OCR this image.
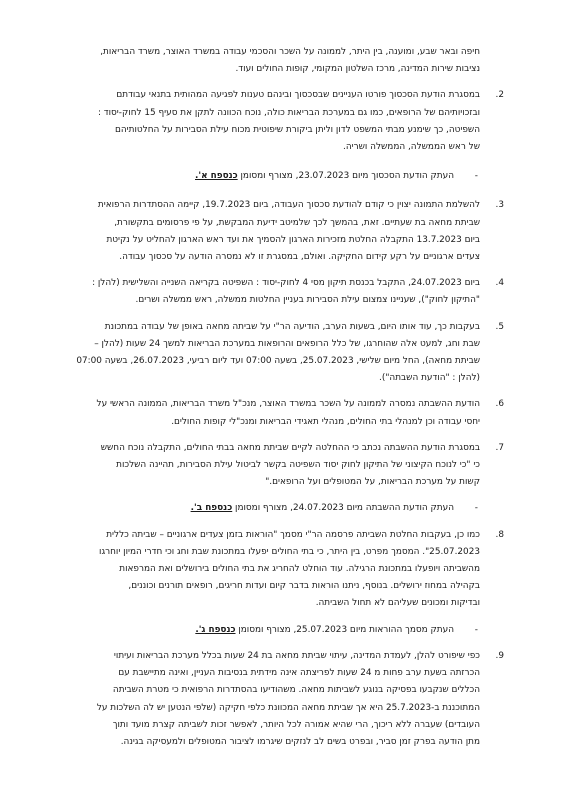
חיפה ובאר שבע, ומוענה, בין היתר, לממונה על השכר והסכמי עבודה במשרד האוצר, משרד הבריאות,
נציבות שירות המדינה, מרכז השלטון המקומי, קופות החולים ועוד.
2.
במסגרת הודעת הסכסוך פורטו העניינים שבסכסוך ובינהם טענות לפגיעה המהותית בתנאי עבודתם
ובזכויותיהם של הרופאים, כמו גם במערכת הבריאות כולה, נוכח הכוונה לתקן את סעיף 15 לחוק-יסוד :
השפיטה, כך שימנע מבתי המשפט לדון וליתן ביקורת שיפוטית מכוח עילת הסבירות על החלטותיהם
של ראש הממשלה, הממשלה ושריה.
-
העתק הודעת הסכסוך מיום 23.07.2023, מצורף ומסומן כנספח א'.
3.
להשלמת התמונה יצוין כי קודם להודעת סכסוך העבודה, ביום 19.7.2023, קיימה ההסתדרות הרפואית
שביתת מחאה בת שעתיים. זאת, בהמשך לכך שלמיטב ידיעת המבקשת, על פי פרסומים בתקשורת,
ביום 13.7.2023 התקבלה החלטת מזכירות הארגון להסמיך את ועד ראש הארגון להחליט על נקיטת
צעדים ארגוניים על רקע קידום החקיקה. ואולם, במסגרת זו לא נמסרה הודעה על סכסוך עבודה.
4.
ביום 24.07.2023, התקבל בכנסת תיקון מסי 4 לחוק-יסוד : השפיטה בקריאה השנייה והשלישית (להלן :
"התיקון לחוק"), שעניינו צמצום עילת הסבירות בעניין החלטות ממשלה, ראש ממשלה ושרים.
5.
בעקבות כך, עוד אותו היום, בשעות הערב, הודיעה הר"י על שביתה מחאה באופן של עבודה במתכונת
שבת וחג, למעט אלה שהוחרגו, של כלל הרופאים והרופאות במערכת הבריאות למשך 24 שעות (להלן –
שביתת מחאה), החל מיום שלישי, 25.07.2023, בשעה 07:00 ועד ליום רביעי, 26.07.2023, בשעה 07:00
(להלן : "הודעת השבתה").
6.
הודעת ההשבתה נמסרה לממונה על השכר במשרד האוצר, מנכ"ל משרד הבריאות, הממונה הראשי על
יחסי עבודה וכן למנהלי בתי החולים, מנהלי תאגידי הבריאות ומנכ"לי קופות החולים.
7.
במסגרת הודעת ההשבתה נכתב כי ההחלטה לקיים שביתת מחאה בבתי החולים, התקבלה נוכח החשש
כי "כי לנוכח הקיצוני של התיקון לחוק יסוד השפיטה בקשר לביטול עילת הסבירות, תהיינה השלכות
קשות על מערכת הבריאות, על המטופלים ועל הרופאים."
-
העתק הודעת ההשבתה מיום 24.07.2023, מצורף ומסומן כנספח ב'.
8.
כמו כן, בעקבות החלטת השביתה פרסמה הר"י מסמך "הוראות בזמן צעדים ארגוניים – שביתה כללית
25.07.2023". המסמך מפרט, בין היתר, כי בתי החולים יפעלו במתכונת שבת וחג וכי חדרי המיון יוחרגו
מהשביתה ויופעלו במתכונת הרגילה. עוד הוחלט להחריג את בתי החולים בירושלים ואת המרפאות
בקהילה במחוז ירושלים. בנוסף, ניתנו הוראות בדבר קיום ועדות חריגים, רופאים תורנים וכוננים,
ובדיקות ומכונים שעליהם לא תחול השביתה.
-
העתק מסמך ההוראות מיום 25.07.2023, מצורף ומסומן כנספח ג'.
9.
כפי שיפורט להלן, לעמדת המדינה, עיתוי שביתת מחאה בת 24 שעות בכלל מערכת הבריאות ועיתוי
הכרזתה בשעת ערב פחות מ 24 שעות לפריצתה אינה מידתית בנסיבות העניין, ואינה מתיישבת עם
הכללים שנקבעו בפסיקה בנוגע לשביתות מחאה. משהודיעו בהסתדרות הרפואית כי מטרת השביתה
המתוכננת ב-25.7.2023 היא אך שביתת מחאה המכוונת כלפי חקיקה (שלפי הנטען יש לה השלכות על
העובדים) שעברה ללא ריכוך, הרי שהיא אמורה לכל היותר, לאפשר זכות לשביתה קצרת מועד ותוך
מתן הודעה בפרק זמן סביר, ובפרט בשים לב לנזקים שיגרמו לציבור המטופלים ולמעסיקה בגינה.
